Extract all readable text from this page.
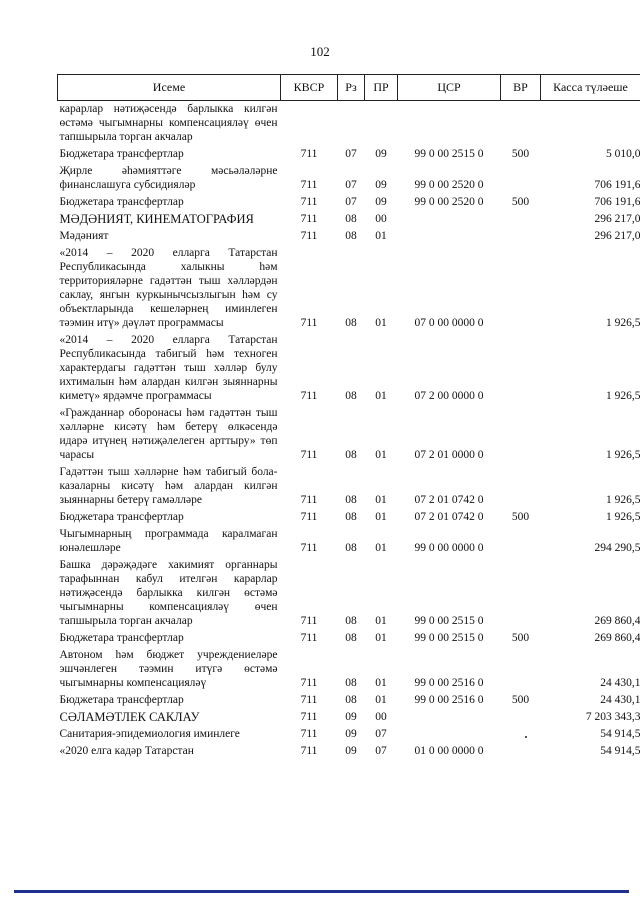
102
Исеме	КВСР	Рз	ПР	ЦСР	ВР	Касса түләеше
карарлар нәтиҗәсендә барлыкка килгән өстәмә чыгымнарны компенсацияләү өчен тапшырыла торган акчалар						
Бюджетара трансфертлар	711	07	09	99 0 00 2515 0	500	5 010,0
Җирле әһәмияттәге мәсьәләләрне финанслашуга субсидияләр	711	07	09	99 0 00 2520 0		706 191,6
Бюджетара трансфертлар	711	07	09	99 0 00 2520 0	500	706 191,6
МӘДӘНИЯТ, КИНЕМАТОГРАФИЯ	711	08	00			296 217,0
Мәдәният	711	08	01			296 217,0
«2014 – 2020 елларга Татарстан Республикасында халыкны һәм территорияләрне гадәттән тыш хәлләрдән саклау, янгын куркынычсызлыгын һәм су объектларында кешеләрнең иминлеген тәэмин итү» дәүләт программасы	711	08	01	07 0 00 0000 0		1 926,5
«2014 – 2020 елларга Татарстан Республикасында табигый һәм техноген характердагы гадәттән тыш хәлләр булу ихтималын һәм алардан килгән зыяннарны киметү» ярдәмче программасы	711	08	01	07 2 00 0000 0		1 926,5
«Гражданнар оборонасы һәм гадәттән тыш хәлләрне кисәтү һәм бетерү өлкәсендә идарә итүнең нәтиҗәлелеген арттыру» төп чарасы	711	08	01	07 2 01 0000 0		1 926,5
Гадәттән тыш хәлләрне һәм табигый бола-казаларны кисәтү һәм алардан килгән зыяннарны бетерү гамәлләре	711	08	01	07 2 01 0742 0		1 926,5
Бюджетара трансфертлар	711	08	01	07 2 01 0742 0	500	1 926,5
Чыгымнарның программада каралмаган юнәлешләре	711	08	01	99 0 00 0000 0		294 290,5
Башка дәрәҗәдәге хакимият органнары тарафыннан кабул ителгән карарлар нәтиҗәсендә барлыкка килгән өстәмә чыгымнарны компенсацияләү өчен тапшырыла торган акчалар	711	08	01	99 0 00 2515 0		269 860,4
Бюджетара трансфертлар	711	08	01	99 0 00 2515 0	500	269 860,4
Автоном һәм бюджет учреждениеләре эшчәнлеген тәэмин итүгә өстәмә чыгымнарны компенсацияләү	711	08	01	99 0 00 2516 0		24 430,1
Бюджетара трансфертлар	711	08	01	99 0 00 2516 0	500	24 430,1
СӘЛАМӘТЛЕК САКЛАУ	711	09	00			7 203 343,3
Санитария-эпидемиология иминлеге	711	09	07			54 914,5
«2020 елга кадәр Татарстан	711	09	07	01 0 00 0000 0		54 914,5
